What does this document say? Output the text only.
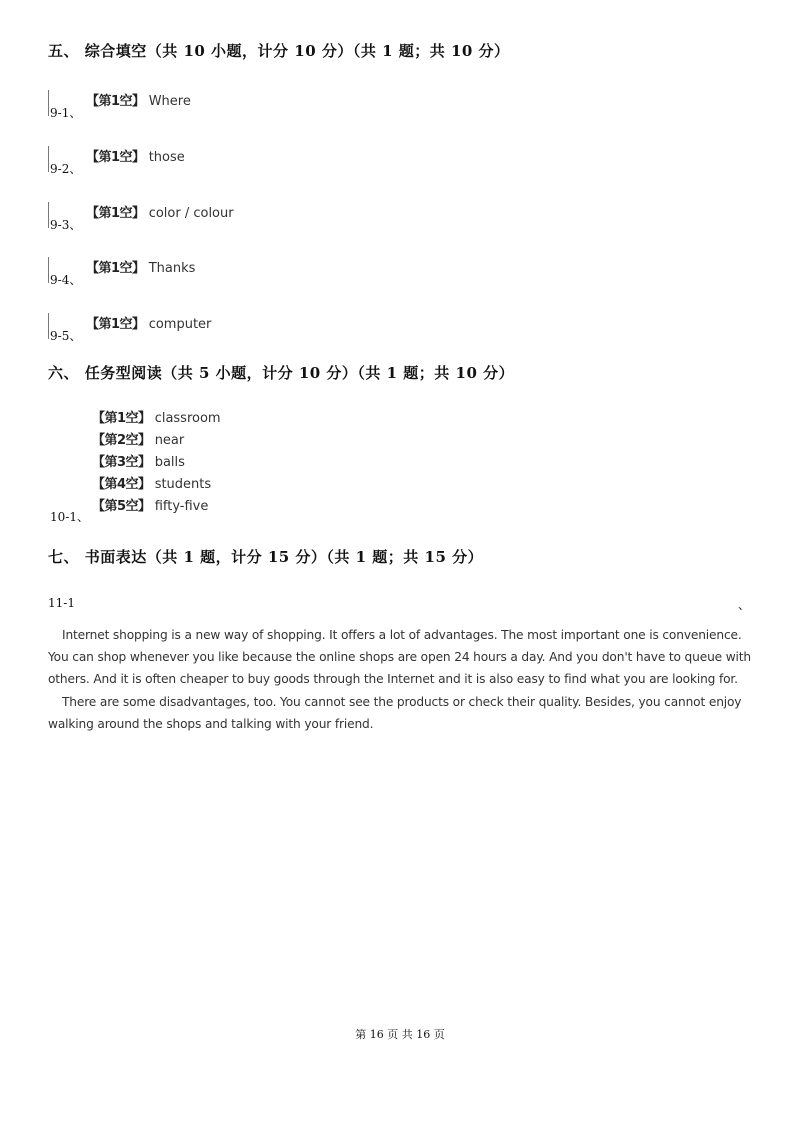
五、 综合填空（共 10 小题，计分 10 分）（共 1 题；共 10 分）
9-1、
【第1空】 Where
9-2、
【第1空】 those
9-3、
【第1空】 color / colour
9-4、
【第1空】 Thanks
9-5、
【第1空】 computer
六、 任务型阅读（共 5 小题，计分 10 分）（共 1 题；共 10 分）
【第1空】 classroom
【第2空】 near
【第3空】 balls
【第4空】 students
【第5空】 fifty-five
10-1、
七、 书面表达（共 1 题，计分 15 分）（共 1 题；共 15 分）
11-1	、

Internet shopping is a new way of shopping. It offers a lot of advantages. The most important one is convenience. You can shop whenever you like because the online shops are open 24 hours a day. And you don't have to queue with others. And it is often cheaper to buy goods through the Internet and it is also easy to find what you are looking for.

There are some disadvantages, too. You cannot see the products or check their quality. Besides, you cannot enjoy walking around the shops and talking with your friend.

第 16 页 共 16 页
